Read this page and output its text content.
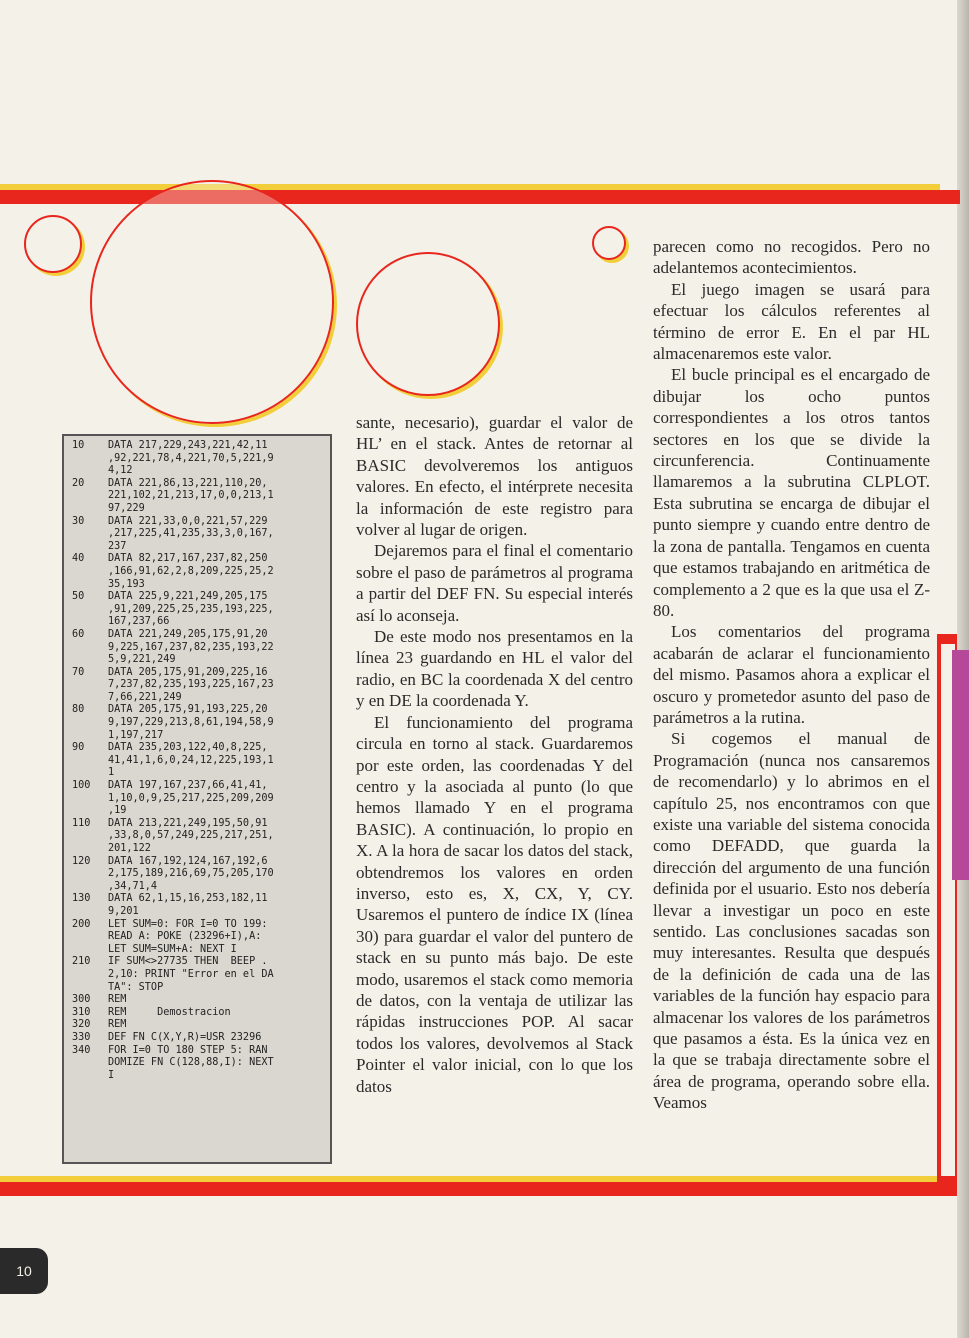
10	DATA 217,229,243,221,42,11
,92,221,78,4,221,70,5,221,9
4,12
20	DATA 221,86,13,221,110,20,
221,102,21,213,17,0,0,213,1
97,229
30	DATA 221,33,0,0,221,57,229
,217,225,41,235,33,3,0,167,
237
40	DATA 82,217,167,237,82,250
,166,91,62,2,8,209,225,25,2
35,193
50	DATA 225,9,221,249,205,175
,91,209,225,25,235,193,225,
167,237,66
60	DATA 221,249,205,175,91,20
9,225,167,237,82,235,193,22
5,9,221,249
70	DATA 205,175,91,209,225,16
7,237,82,235,193,225,167,23
7,66,221,249
80	DATA 205,175,91,193,225,20
9,197,229,213,8,61,194,58,9
1,197,217
90	DATA 235,203,122,40,8,225,
41,41,1,6,0,24,12,225,193,1
1
100	DATA 197,167,237,66,41,41,
1,10,0,9,25,217,225,209,209
,19
110	DATA 213,221,249,195,50,91
,33,8,0,57,249,225,217,251,
201,122
120	DATA 167,192,124,167,192,6
2,175,189,216,69,75,205,170
,34,71,4
130	DATA 62,1,15,16,253,182,11
9,201
200	LET SUM=0: FOR I=0 TO 199:
READ A: POKE (23296+I),A:
LET SUM=SUM+A: NEXT I
210	IF SUM<>27735 THEN  BEEP .
2,10: PRINT "Error en el DA
TA": STOP
300	REM
310	REM     Demostracion
320	REM
330	DEF FN C(X,Y,R)=USR 23296
340	FOR I=0 TO 180 STEP 5: RAN
DOMIZE FN C(128,88,I): NEXT
I

sante, necesario), guardar el valor de HL’ en el stack. Antes de retornar al BASIC devolveremos los antiguos valores. En efecto, el intérprete necesita la información de este registro para volver al lugar de origen.

Dejaremos para el final el comentario sobre el paso de parámetros al programa a partir del DEF FN. Su especial interés así lo aconseja.

De este modo nos presentamos en la línea 23 guardando en HL el valor del radio, en BC la coordenada X del centro y en DE la coordenada Y.

El funcionamiento del programa circula en torno al stack. Guardaremos por este orden, las coordenadas Y del centro y la asociada al punto (lo que hemos llamado Y en el programa BASIC). A continuación, lo propio en X. A la hora de sacar los datos del stack, obtendremos los valores en orden inverso, esto es, X, CX, Y, CY. Usaremos el puntero de índice IX (línea 30) para guardar el valor del puntero de stack en su punto más bajo. De este modo, usaremos el stack como memoria de datos, con la ventaja de utilizar las rápidas instrucciones POP. Al sacar todos los valores, devolvemos al Stack Pointer el valor inicial, con lo que los datos

parecen como no recogidos. Pero no adelantemos acontecimientos.

El juego imagen se usará para efectuar los cálculos referentes al término de error E. En el par HL almacenaremos este valor.

El bucle principal es el encargado de dibujar los ocho puntos correspondientes a los otros tantos sectores en los que se divide la circunferencia. Continuamente llamaremos a la subrutina CLPLOT. Esta subrutina se encarga de dibujar el punto siempre y cuando entre dentro de la zona de pantalla. Tengamos en cuenta que estamos trabajando en aritmética de complemento a 2 que es la que usa el Z-80.

Los comentarios del programa acabarán de aclarar el funcionamiento del mismo. Pasamos ahora a explicar el oscuro y prometedor asunto del paso de parámetros a la rutina.

Si cogemos el manual de Programación (nunca nos cansaremos de recomendarlo) y lo abrimos en el capítulo 25, nos encontramos con que existe una variable del sistema conocida como DEFADD, que guarda la dirección del argumento de una función definida por el usuario. Esto nos debería llevar a investigar un poco en este sentido. Las conclusiones sacadas son muy interesantes. Resulta que después de la definición de cada una de las variables de la función hay espacio para almacenar los valores de los parámetros que pasamos a ésta. Es la única vez en la que se trabaja directamente sobre el área de programa, operando sobre ella. Veamos

10
